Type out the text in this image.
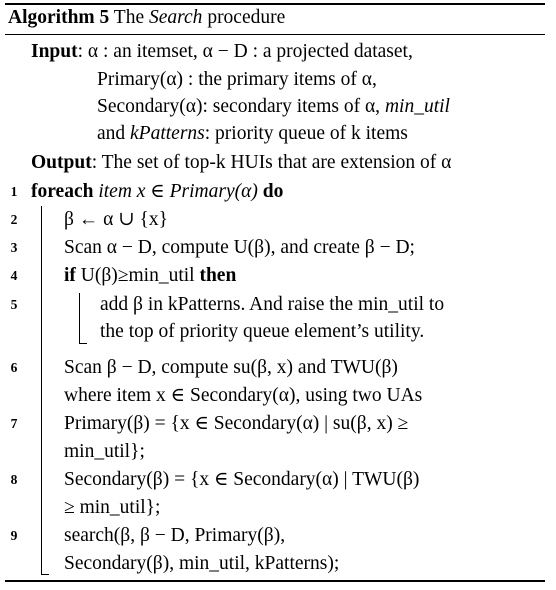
Algorithm 5 The Search procedure
Input: α : an itemset, α − D : a projected dataset,
Primary(α) : the primary items of α,
Secondary(α): secondary items of α, min_util
and kPatterns: priority queue of k items
Output: The set of top-k HUIs that are extension of α
1 foreach item x ∈ Primary(α) do
2 β ← α ∪ {x}
3 Scan α − D, compute U(β), and create β − D;
4 if U(β)≥min_util then
5	add β in kPatterns. And raise the min_util to
the top of priority queue element’s utility.
6 Scan β − D, compute su(β, x) and TWU(β)
where item x ∈ Secondary(α), using two UAs
7 Primary(β) = {x ∈ Secondary(α) | su(β, x) ≥
min_util};
8 Secondary(β) = {x ∈ Secondary(α) | TWU(β)
≥ min_util};
9 search(β, β − D, Primary(β),
Secondary(β), min_util, kPatterns);
